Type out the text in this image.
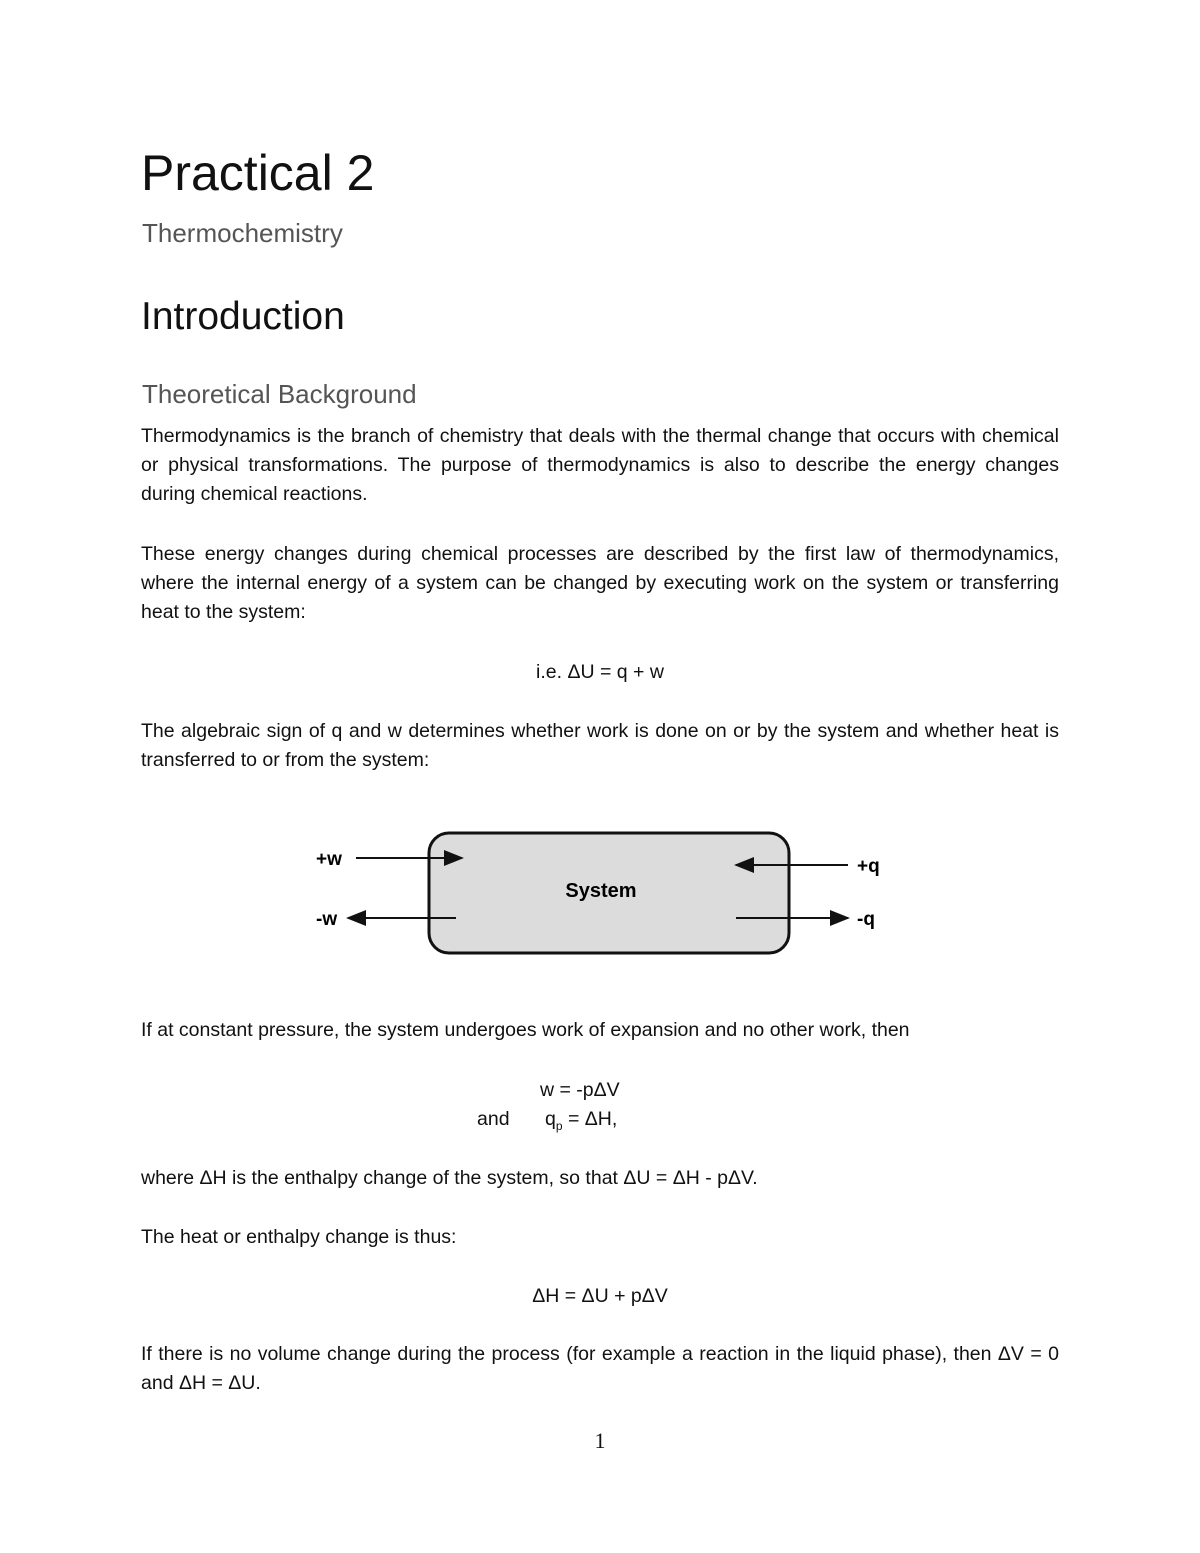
Practical 2
Thermochemistry
Introduction
Theoretical Background
Thermodynamics is the branch of chemistry that deals with the thermal change that occurs with chemical or physical transformations. The purpose of thermodynamics is also to describe the energy changes during chemical reactions.
These energy changes during chemical processes are described by the first law of thermodynamics, where the internal energy of a system can be changed by executing work on the system or transferring heat to the system:
i.e. ΔU = q + w
The algebraic sign of q and w determines whether work is done on or by the system and whether heat is transferred to or from the system:
System
+w
-w
+q
-q
If at constant pressure, the system undergoes work of expansion and no other work, then
w = -pΔV
and $q_p = \Delta H$,
where ΔH is the enthalpy change of the system, so that ΔU = ΔH - pΔV.
The heat or enthalpy change is thus:
ΔH = ΔU + pΔV
If there is no volume change during the process (for example a reaction in the liquid phase), then ΔV = 0 and ΔH = ΔU.
1
